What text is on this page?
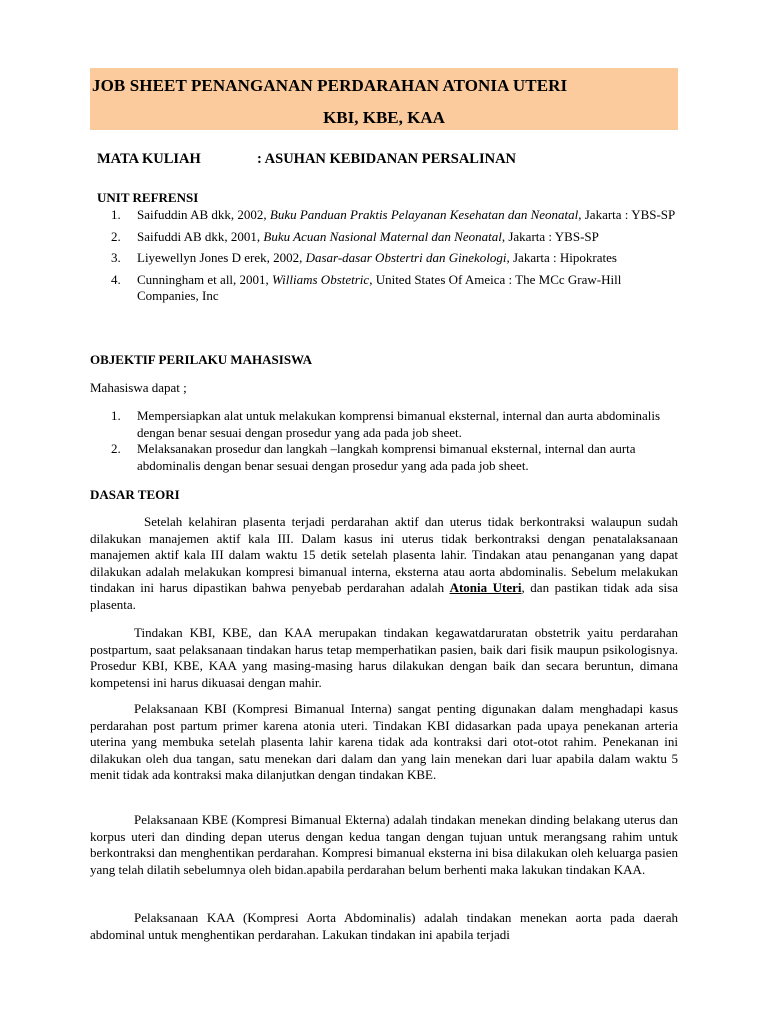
JOB SHEET PENANGANAN PERDARAHAN ATONIA UTERI
KBI, KBE, KAA
MATA KULIAH	: ASUHAN KEBIDANAN PERSALINAN
UNIT REFRENSI
1. Saifuddin AB dkk, 2002, Buku Panduan Praktis Pelayanan Kesehatan dan Neonatal, Jakarta : YBS-SP
2. Saifuddi AB dkk, 2001, Buku Acuan Nasional Maternal dan Neonatal, Jakarta : YBS-SP
3. Liyewellyn Jones D erek, 2002, Dasar-dasar Obstertri dan Ginekologi, Jakarta : Hipokrates
4. Cunningham et all, 2001, Williams Obstetric, United States Of Ameica : The MCc Graw-Hill Companies, Inc
OBJEKTIF PERILAKU MAHASISWA
Mahasiswa dapat ;
1. Mempersiapkan alat untuk melakukan komprensi bimanual eksternal, internal dan aurta abdominalis dengan benar sesuai dengan prosedur yang ada pada job sheet.
2. Melaksanakan prosedur dan langkah –langkah komprensi bimanual eksternal, internal dan aurta abdominalis dengan benar sesuai dengan prosedur yang ada pada job sheet.
DASAR TEORI

Setelah kelahiran plasenta terjadi perdarahan aktif dan uterus tidak berkontraksi walaupun sudah dilakukan manajemen aktif kala III. Dalam kasus ini uterus tidak berkontraksi dengan penatalaksanaan manajemen aktif kala III dalam waktu 15 detik setelah plasenta lahir. Tindakan atau penanganan yang dapat dilakukan adalah melakukan kompresi bimanual interna, eksterna atau aorta abdominalis. Sebelum melakukan tindakan ini harus dipastikan bahwa penyebab perdarahan adalah Atonia Uteri, dan pastikan tidak ada sisa plasenta.

Tindakan KBI, KBE, dan KAA merupakan tindakan kegawatdaruratan obstetrik yaitu perdarahan postpartum, saat pelaksanaan tindakan harus tetap memperhatikan pasien, baik dari fisik maupun psikologisnya. Prosedur KBI, KBE, KAA yang masing-masing harus dilakukan dengan baik dan secara beruntun, dimana kompetensi ini harus dikuasai dengan mahir.

Pelaksanaan KBI (Kompresi Bimanual Interna) sangat penting digunakan dalam menghadapi kasus perdarahan post partum primer karena atonia uteri. Tindakan KBI didasarkan pada upaya penekanan arteria uterina yang membuka setelah plasenta lahir karena tidak ada kontraksi dari otot-otot rahim. Penekanan ini dilakukan oleh dua tangan, satu menekan dari dalam dan yang lain menekan dari luar apabila dalam waktu 5 menit tidak ada kontraksi maka dilanjutkan dengan tindakan KBE.

Pelaksanaan KBE (Kompresi Bimanual Ekterna) adalah tindakan menekan dinding belakang uterus dan korpus uteri dan dinding depan uterus dengan kedua tangan dengan tujuan untuk merangsang rahim untuk berkontraksi dan menghentikan perdarahan. Kompresi bimanual eksterna ini bisa dilakukan oleh keluarga pasien yang telah dilatih sebelumnya oleh bidan.apabila perdarahan belum berhenti maka lakukan tindakan KAA.

Pelaksanaan KAA (Kompresi Aorta Abdominalis) adalah tindakan menekan aorta pada daerah abdominal untuk menghentikan perdarahan. Lakukan tindakan ini apabila terjadi
